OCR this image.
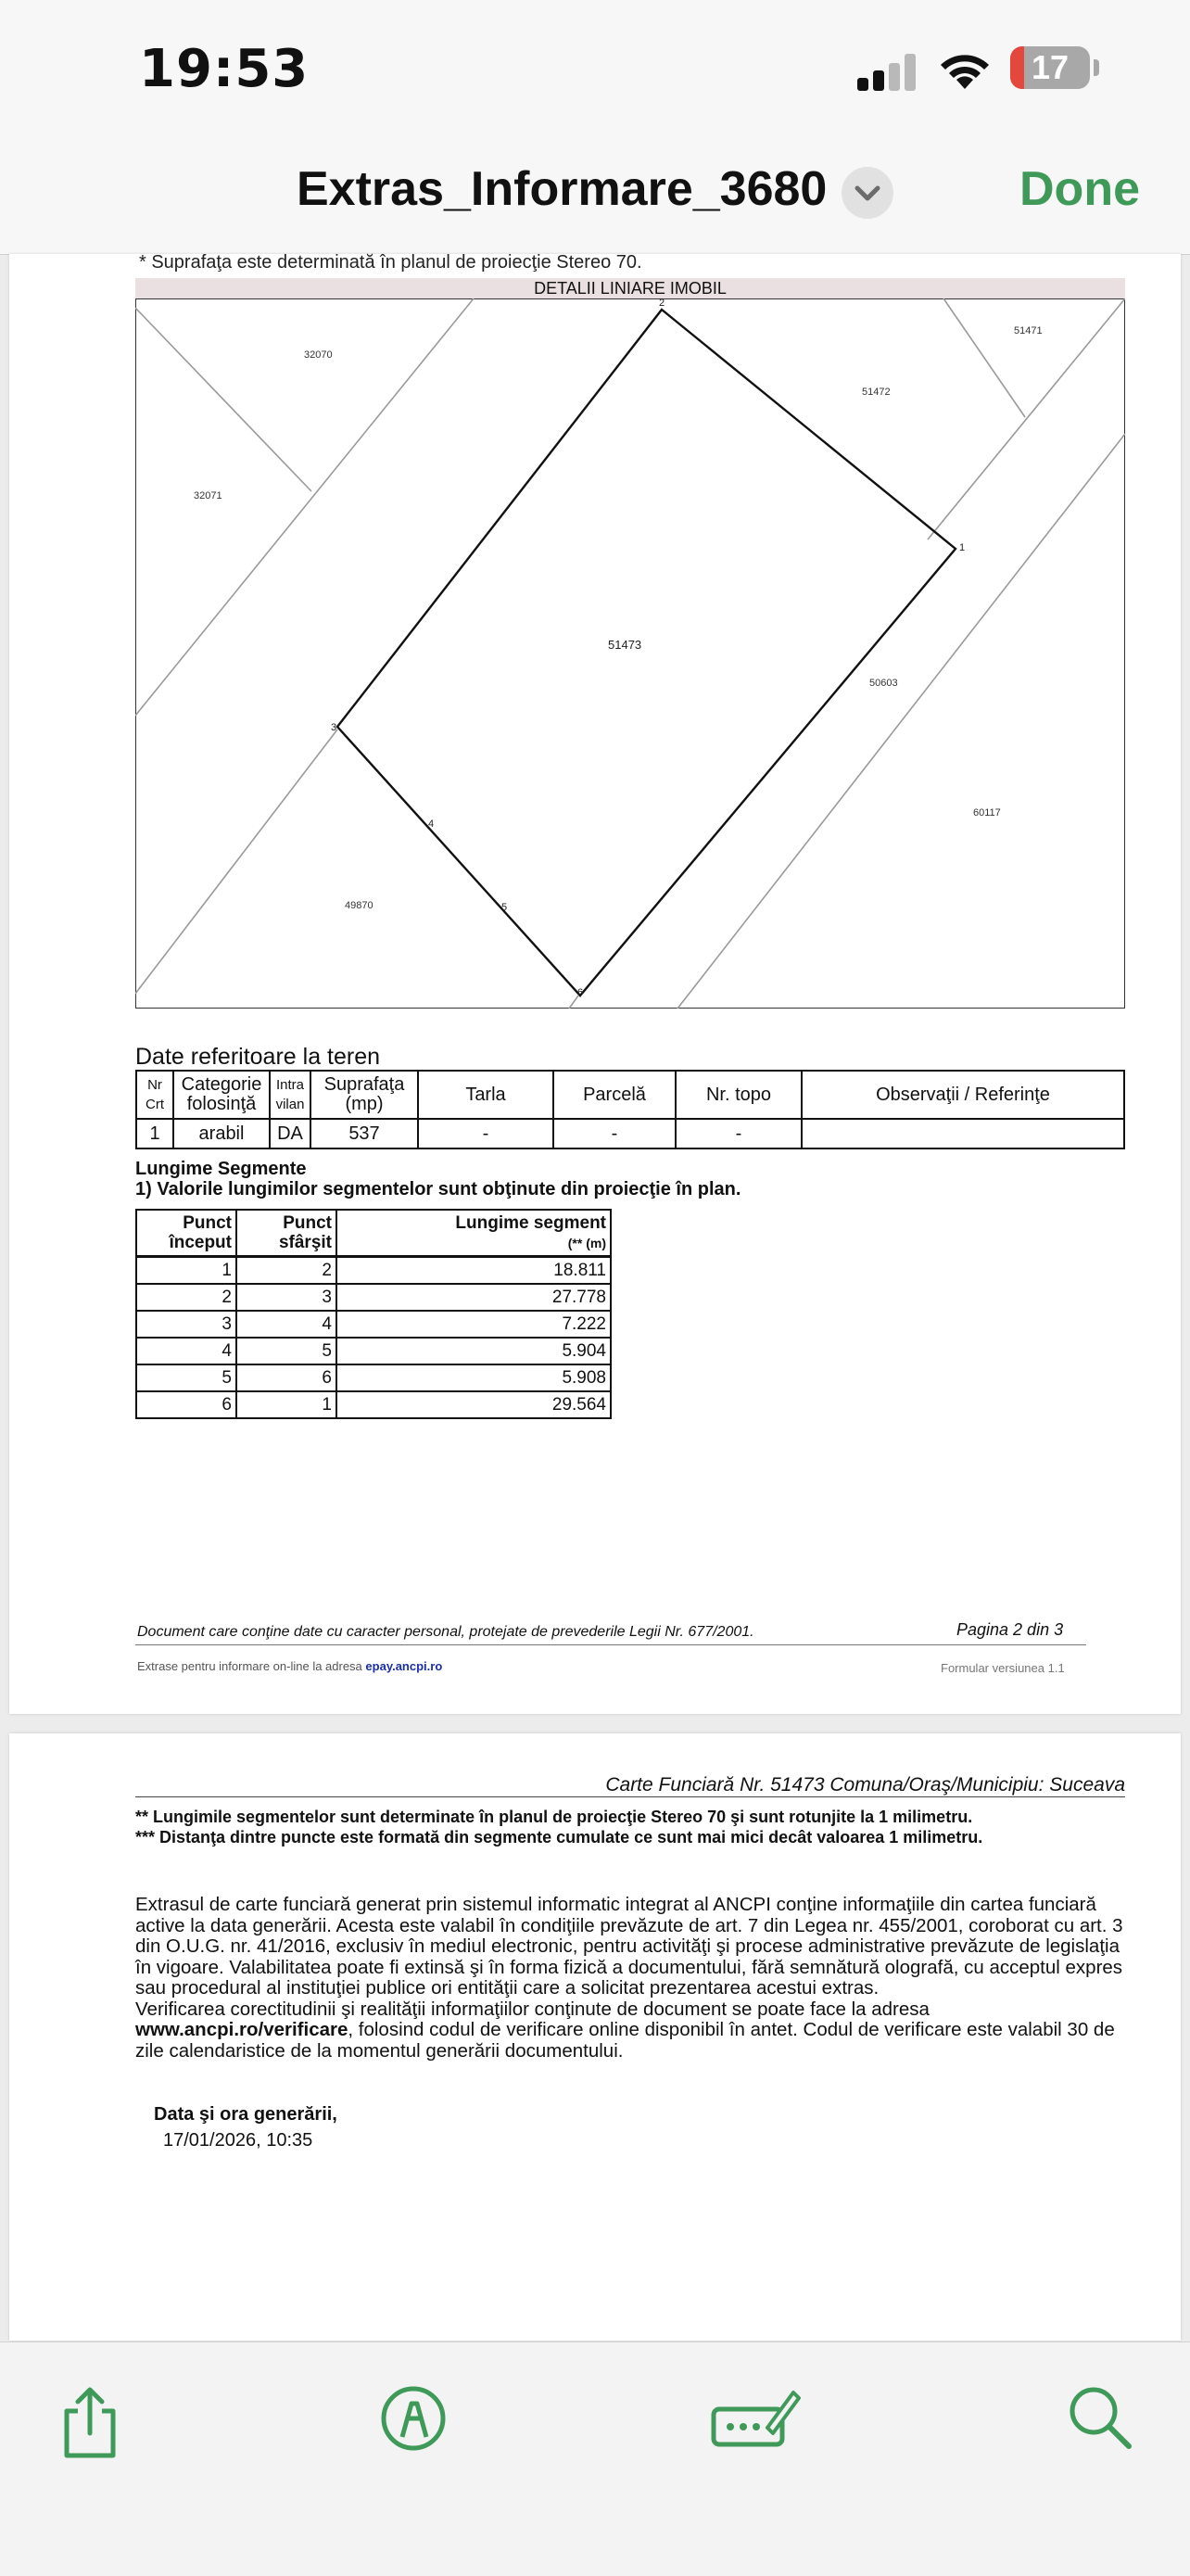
19:53	17
Extras_Informare_3680	Done
* Suprafaţa este determinată în planul de proiecţie Stereo 70.
DETALII LINIARE IMOBIL
2
1
3
4
5
6
32070
32071
51471
51472
50603
60117
49870
51473
Date referitoare la teren
Nr Crt	Categorie folosinţă	Intra vilan	Suprafaţa (mp)	Tarla	Parcelă	Nr. topo	Observaţii / Referinţe
1	arabil	DA	537	-	-	-	
Lungime Segmente
1) Valorile lungimilor segmentelor sunt obţinute din proiecţie în plan.
Punct început	Punct sfârşit	Lungime segment
(** (m)
1	2	18.811
2	3	27.778
3	4	7.222
4	5	5.904
5	6	5.908
6	1	29.564
Document care conţine date cu caracter personal, protejate de prevederile Legii Nr. 677/2001.	Pagina 2 din 3
Extrase pentru informare on-line la adresa epay.ancpi.ro	Formular versiunea 1.1
Carte Funciară Nr. 51473 Comuna/Oraş/Municipiu: Suceava
** Lungimile segmentelor sunt determinate în planul de proiecţie Stereo 70 şi sunt rotunjite la 1 milimetru.
*** Distanţa dintre puncte este formată din segmente cumulate ce sunt mai mici decât valoarea 1 milimetru.
Extrasul de carte funciară generat prin sistemul informatic integrat al ANCPI conţine informaţiile din cartea funciară active la data generării. Acesta este valabil în condiţiile prevăzute de art. 7 din Legea nr. 455/2001, coroborat cu art. 3 din O.U.G. nr. 41/2016, exclusiv în mediul electronic, pentru activităţi şi procese administrative prevăzute de legislaţia în vigoare. Valabilitatea poate fi extinsă şi în forma fizică a documentului, fără semnătură olografă, cu acceptul expres sau procedural al instituţiei publice ori entităţii care a solicitat prezentarea acestui extras.
Verificarea corectitudinii şi realităţii informaţiilor conţinute de document se poate face la adresa www.ancpi.ro/verificare, folosind codul de verificare online disponibil în antet. Codul de verificare este valabil 30 de zile calendaristice de la momentul generării documentului.
Data şi ora generării,
17/01/2026, 10:35
